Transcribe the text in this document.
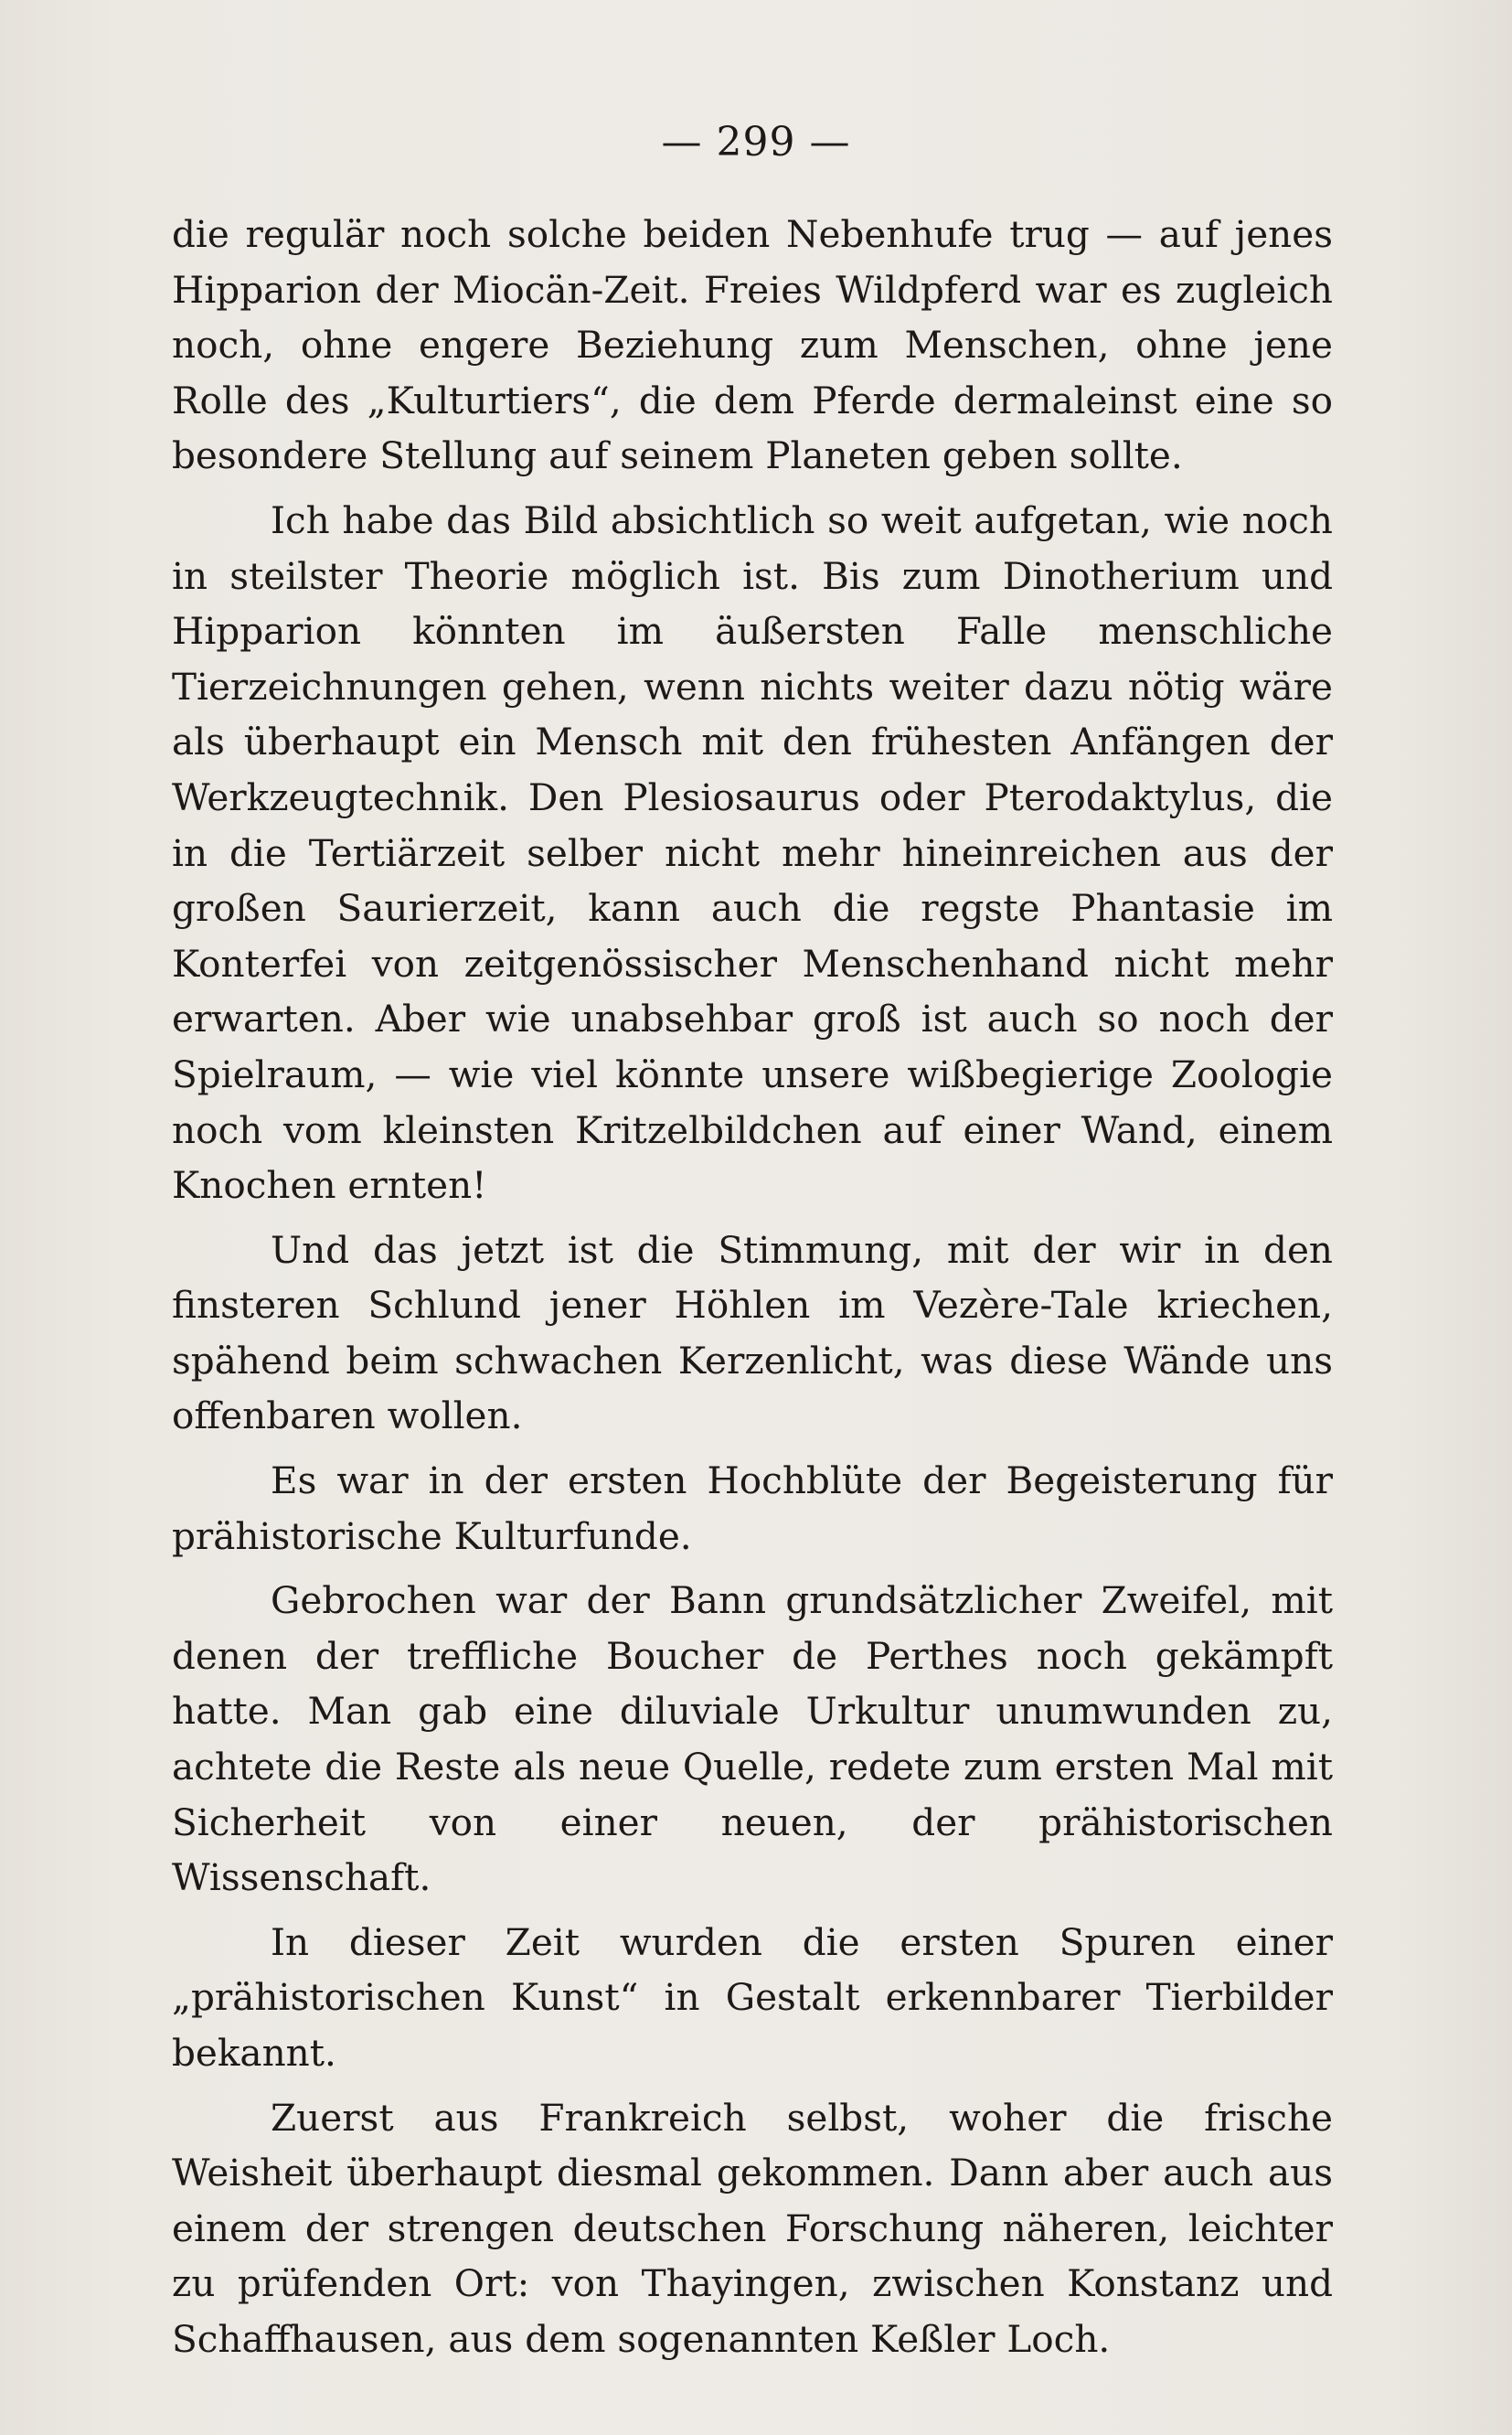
— 299 —

die regulär noch solche beiden Nebenhufe trug — auf jenes Hipparion der Miocän-Zeit. Freies Wildpferd war es zugleich noch, ohne engere Beziehung zum Menschen, ohne jene Rolle des „Kulturtiers“, die dem Pferde dermaleinst eine so besondere Stellung auf seinem Planeten geben sollte.

Ich habe das Bild absichtlich so weit aufgetan, wie noch in steilster Theorie möglich ist. Bis zum Dinotherium und Hipparion könnten im äußersten Falle menschliche Tierzeichnungen gehen, wenn nichts weiter dazu nötig wäre als überhaupt ein Mensch mit den frühesten Anfängen der Werkzeugtechnik. Den Plesiosaurus oder Pterodaktylus, die in die Tertiärzeit selber nicht mehr hineinreichen aus der großen Saurierzeit, kann auch die regste Phantasie im Konterfei von zeitgenössischer Menschenhand nicht mehr erwarten. Aber wie unabsehbar groß ist auch so noch der Spielraum, — wie viel könnte unsere wißbegierige Zoologie noch vom kleinsten Kritzelbildchen auf einer Wand, einem Knochen ernten!

Und das jetzt ist die Stimmung, mit der wir in den finsteren Schlund jener Höhlen im Vezère-Tale kriechen, spähend beim schwachen Kerzenlicht, was diese Wände uns offenbaren wollen.

Es war in der ersten Hochblüte der Begeisterung für prähistorische Kulturfunde.

Gebrochen war der Bann grundsätzlicher Zweifel, mit denen der treffliche Boucher de Perthes noch gekämpft hatte. Man gab eine diluviale Urkultur unumwunden zu, achtete die Reste als neue Quelle, redete zum ersten Mal mit Sicherheit von einer neuen, der prähistorischen Wissenschaft.

In dieser Zeit wurden die ersten Spuren einer „prähistorischen Kunst“ in Gestalt erkennbarer Tierbilder bekannt.

Zuerst aus Frankreich selbst, woher die frische Weisheit überhaupt diesmal gekommen. Dann aber auch aus einem der strengen deutschen Forschung näheren, leichter zu prüfenden Ort: von Thayingen, zwischen Konstanz und Schaffhausen, aus dem sogenannten Keßler Loch.
